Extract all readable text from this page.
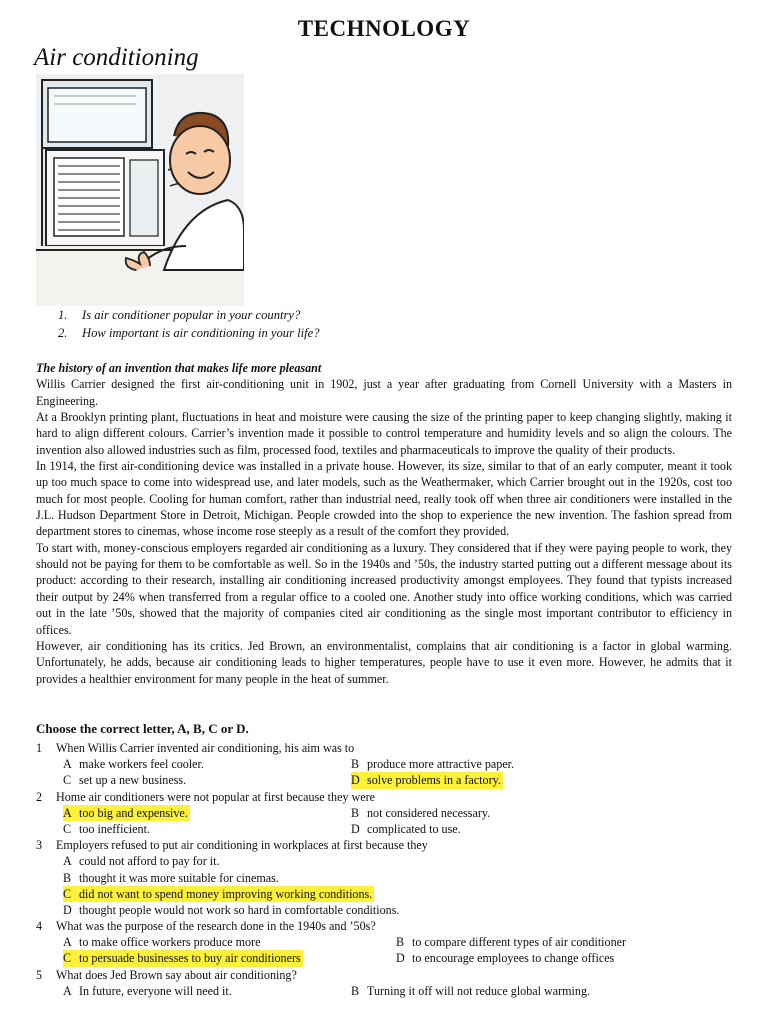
TECHNOLOGY
Air conditioning
1.	Is air conditioner popular in your country?
2.	How important is air conditioning in your life?
The history of an invention that makes life more pleasant

Willis Carrier designed the first air-conditioning unit in 1902, just a year after graduating from Cornell University with a Masters in Engineering.

At a Brooklyn printing plant, fluctuations in heat and moisture were causing the size of the printing paper to keep changing slightly, making it hard to align different colours. Carrier’s invention made it possible to control temperature and humidity levels and so align the colours. The invention also allowed industries such as film, processed food, textiles and pharmaceuticals to improve the quality of their products.

In 1914, the first air-conditioning device was installed in a private house. However, its size, similar to that of an early computer, meant it took up too much space to come into widespread use, and later models, such as the Weathermaker, which Carrier brought out in the 1920s, cost too much for most people. Cooling for human comfort, rather than industrial need, really took off when three air conditioners were installed in the J.L. Hudson Department Store in Detroit, Michigan. People crowded into the shop to experience the new invention. The fashion spread from department stores to cinemas, whose income rose steeply as a result of the comfort they provided.

To start with, money-conscious employers regarded air conditioning as a luxury. They considered that if they were paying people to work, they should not be paying for them to be comfortable as well. So in the 1940s and ’50s, the industry started putting out a different message about its product: according to their research, installing air conditioning increased productivity amongst employees. They found that typists increased their output by 24% when transferred from a regular office to a cooled one. Another study into office working conditions, which was carried out in the late ’50s, showed that the majority of companies cited air conditioning as the single most important contributor to efficiency in offices.

However, air conditioning has its critics. Jed Brown, an environmentalist, complains that air conditioning is a factor in global warming. Unfortunately, he adds, because air conditioning leads to higher temperatures, people have to use it even more. However, he admits that it provides a healthier environment for many people in the heat of summer.

Choose the correct letter, A, B, C or D.
1	When Willis Carrier invented air conditioning, his aim was to
A make workers feel cooler.	B produce more attractive paper.
C set up a new business.	D solve problems in a factory.
2	Home air conditioners were not popular at first because they were
A too big and expensive.	B not considered necessary.
C too inefficient.	D complicated to use.
3	Employers refused to put air conditioning in workplaces at first because they
A could not afford to pay for it.
B thought it was more suitable for cinemas.
C did not want to spend money improving working conditions.
D thought people would not work so hard in comfortable conditions.
4	What was the purpose of the research done in the 1940s and ’50s?
A to make office workers produce more	B to compare different types of air conditioner
C to persuade businesses to buy air conditioners	D to encourage employees to change offices
5	What does Jed Brown say about air conditioning?
A In future, everyone will need it.	B Turning it off will not reduce global warming.
